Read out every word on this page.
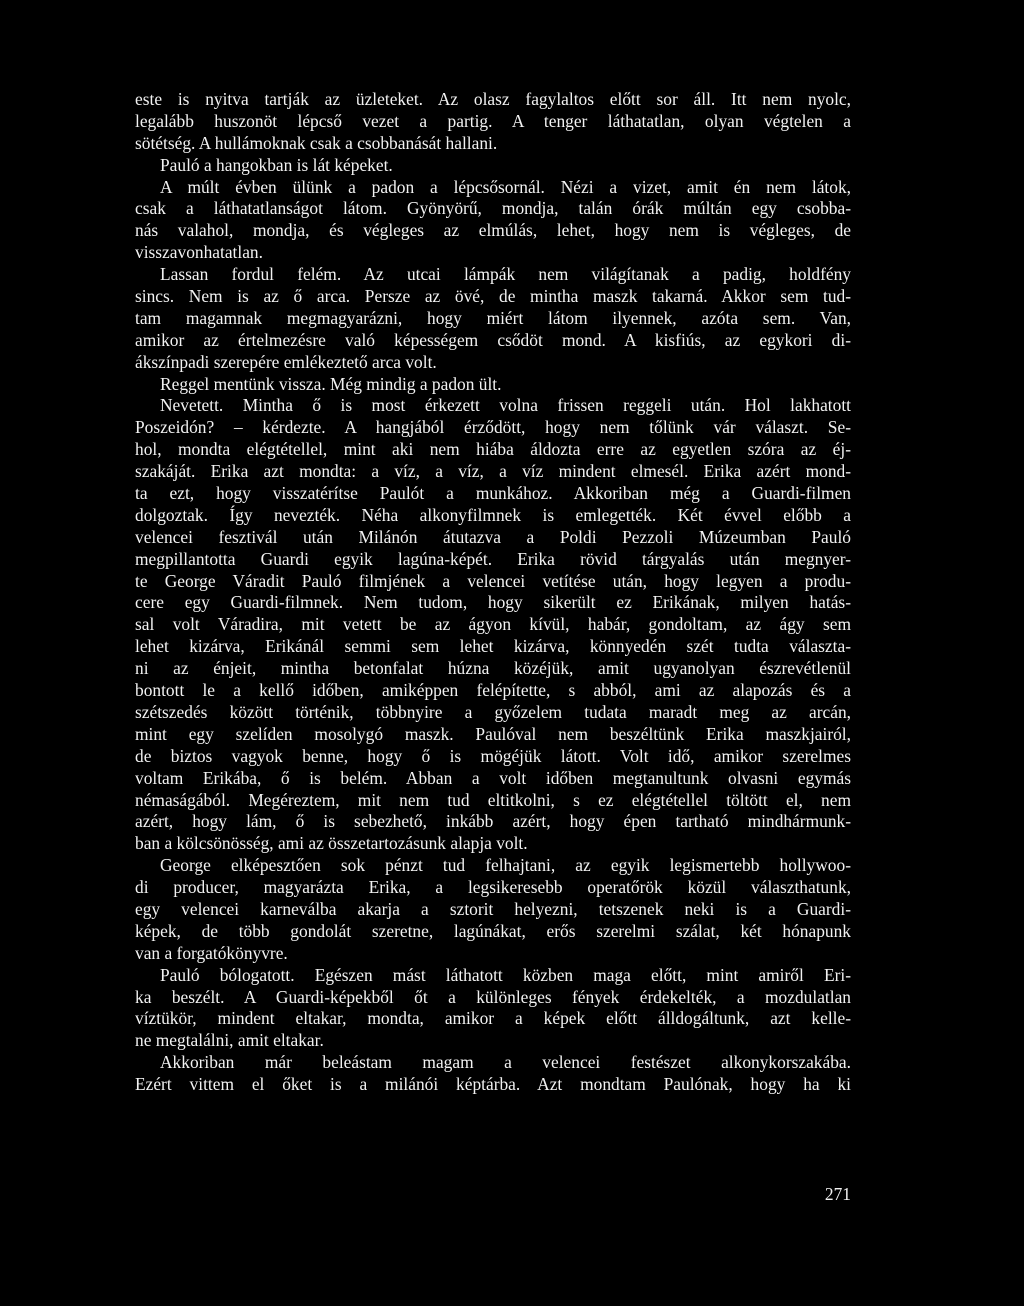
este is nyitva tartják az üzleteket. Az olasz fagylaltos előtt sor áll. Itt nem nyolc,
legalább huszonöt lépcső vezet a partig. A tenger láthatatlan, olyan végtelen a
sötétség. A hullámoknak csak a csobbanását hallani.
Pauló a hangokban is lát képeket.
A múlt évben ülünk a padon a lépcsősornál. Nézi a vizet, amit én nem látok,
csak a láthatatlanságot látom. Gyönyörű, mondja, talán órák múltán egy csobba-
nás valahol, mondja, és végleges az elmúlás, lehet, hogy nem is végleges, de
visszavonhatatlan.
Lassan fordul felém. Az utcai lámpák nem világítanak a padig, holdfény
sincs. Nem is az ő arca. Persze az övé, de mintha maszk takarná. Akkor sem tud-
tam magamnak megmagyarázni, hogy miért látom ilyennek, azóta sem. Van,
amikor az értelmezésre való képességem csődöt mond. A kisfiús, az egykori di-
ákszínpadi szerepére emlékeztető arca volt.
Reggel mentünk vissza. Még mindig a padon ült.
Nevetett. Mintha ő is most érkezett volna frissen reggeli után. Hol lakhatott
Poszeidón? – kérdezte. A hangjából érződött, hogy nem tőlünk vár választ. Se-
hol, mondta elégtétellel, mint aki nem hiába áldozta erre az egyetlen szóra az éj-
szakáját. Erika azt mondta: a víz, a víz, a víz mindent elmesél. Erika azért mond-
ta ezt, hogy visszatérítse Paulót a munkához. Akkoriban még a Guardi-filmen
dolgoztak. Így nevezték. Néha alkonyfilmnek is emlegették. Két évvel előbb a
velencei fesztivál után Milánón átutazva a Poldi Pezzoli Múzeumban Pauló
megpillantotta Guardi egyik lagúna-képét. Erika rövid tárgyalás után megnyer-
te George Váradit Pauló filmjének a velencei vetítése után, hogy legyen a produ-
cere egy Guardi-filmnek. Nem tudom, hogy sikerült ez Erikának, milyen hatás-
sal volt Váradira, mit vetett be az ágyon kívül, habár, gondoltam, az ágy sem
lehet kizárva, Erikánál semmi sem lehet kizárva, könnyedén szét tudta választa-
ni az énjeit, mintha betonfalat húzna közéjük, amit ugyanolyan észrevétlenül
bontott le a kellő időben, amiképpen felépítette, s abból, ami az alapozás és a
szétszedés között történik, többnyire a győzelem tudata maradt meg az arcán,
mint egy szelíden mosolygó maszk. Paulóval nem beszéltünk Erika maszkjairól,
de biztos vagyok benne, hogy ő is mögéjük látott. Volt idő, amikor szerelmes
voltam Erikába, ő is belém. Abban a volt időben megtanultunk olvasni egymás
némaságából. Megéreztem, mit nem tud eltitkolni, s ez elégtétellel töltött el, nem
azért, hogy lám, ő is sebezhető, inkább azért, hogy épen tartható mindhármunk-
ban a kölcsönösség, ami az összetartozásunk alapja volt.
George elképesztően sok pénzt tud felhajtani, az egyik legismertebb hollywoo-
di producer, magyarázta Erika, a legsikeresebb operatőrök közül választhatunk,
egy velencei karneválba akarja a sztorit helyezni, tetszenek neki is a Guardi-
képek, de több gondolát szeretne, lagúnákat, erős szerelmi szálat, két hónapunk
van a forgatókönyvre.
Pauló bólogatott. Egészen mást láthatott közben maga előtt, mint amiről Eri-
ka beszélt. A Guardi-képekből őt a különleges fények érdekelték, a mozdulatlan
víztükör, mindent eltakar, mondta, amikor a képek előtt álldogáltunk, azt kelle-
ne megtalálni, amit eltakar.
Akkoriban már beleástam magam a velencei festészet alkonykorszakába.
Ezért vittem el őket is a milánói képtárba. Azt mondtam Paulónak, hogy ha ki
271
